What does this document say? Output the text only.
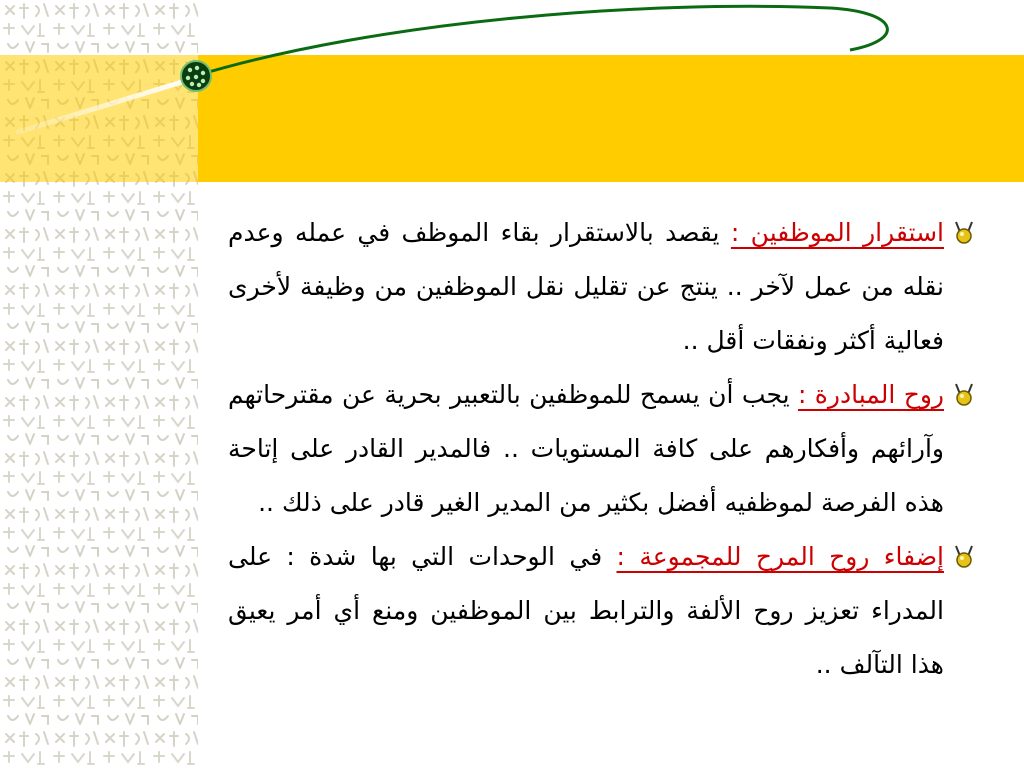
استقرار الموظفين : يقصد بالاستقرار بقاء الموظف في عمله وعدم نقله من عمل لآخر .. ينتج عن تقليل نقل الموظفين من وظيفة لأخرى فعالية أكثر ونفقات أقل ..
روح المبادرة : يجب أن يسمح للموظفين بالتعبير بحرية عن مقترحاتهم وآرائهم وأفكارهم على كافة المستويات .. فالمدير القادر على إتاحة هذه الفرصة لموظفيه أفضل بكثير من المدير الغير قادر على ذلك ..
إضفاء روح المرح للمجموعة : في الوحدات التي بها شدة : على المدراء تعزيز روح الألفة والترابط بين الموظفين ومنع أي أمر يعيق هذا التآلف ..
